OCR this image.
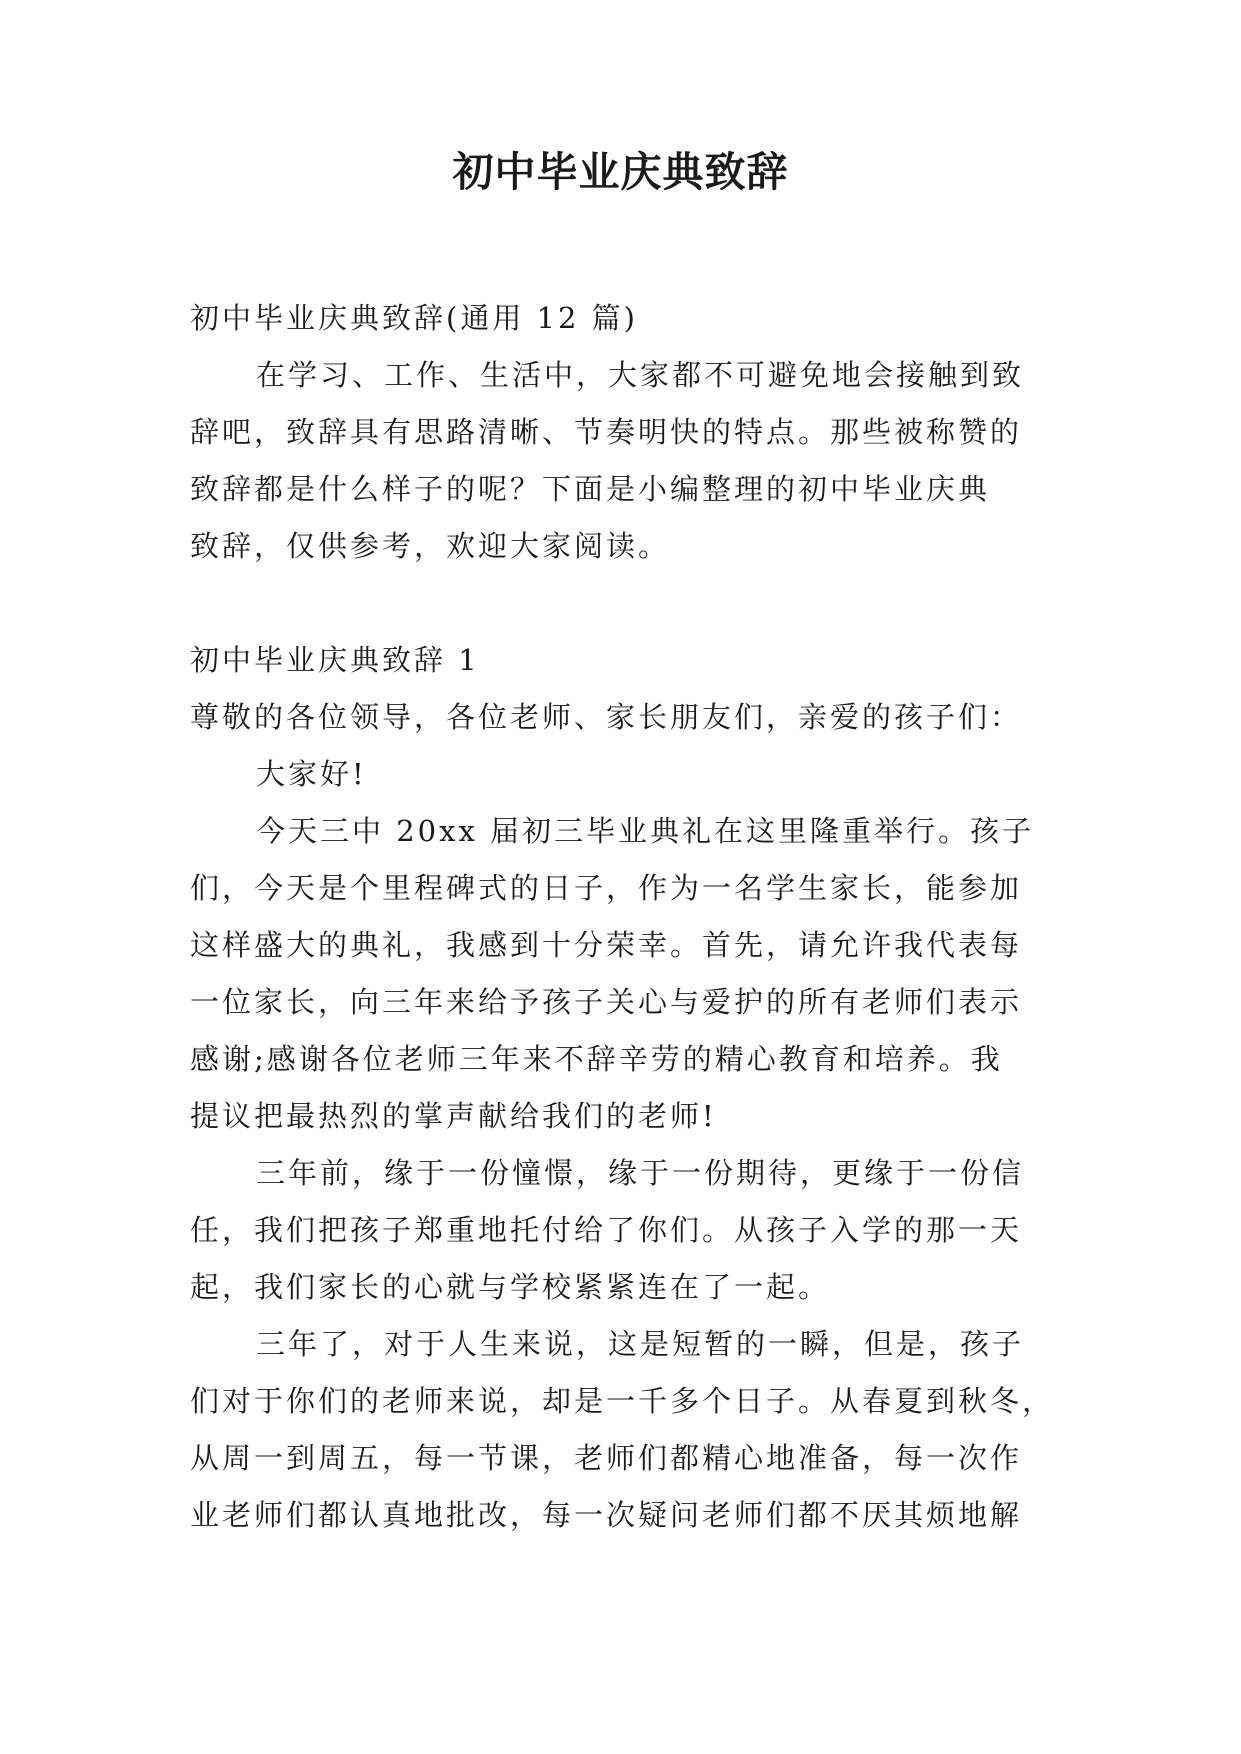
初中毕业庆典致辞
初中毕业庆典致辞(通用 12 篇)
在学习、工作、生活中，大家都不可避免地会接触到致
辞吧，致辞具有思路清晰、节奏明快的特点。那些被称赞的
致辞都是什么样子的呢？下面是小编整理的初中毕业庆典
致辞，仅供参考，欢迎大家阅读。
初中毕业庆典致辞 1
尊敬的各位领导，各位老师、家长朋友们，亲爱的孩子们：
大家好!
今天三中 20xx 届初三毕业典礼在这里隆重举行。孩子
们，今天是个里程碑式的日子，作为一名学生家长，能参加
这样盛大的典礼，我感到十分荣幸。首先，请允许我代表每
一位家长，向三年来给予孩子关心与爱护的所有老师们表示
感谢;感谢各位老师三年来不辞辛劳的精心教育和培养。我
提议把最热烈的掌声献给我们的老师!
三年前，缘于一份憧憬，缘于一份期待，更缘于一份信
任，我们把孩子郑重地托付给了你们。从孩子入学的那一天
起，我们家长的心就与学校紧紧连在了一起。
三年了，对于人生来说，这是短暂的一瞬，但是，孩子
们对于你们的老师来说，却是一千多个日子。从春夏到秋冬，
从周一到周五，每一节课，老师们都精心地准备，每一次作
业老师们都认真地批改，每一次疑问老师们都不厌其烦地解
